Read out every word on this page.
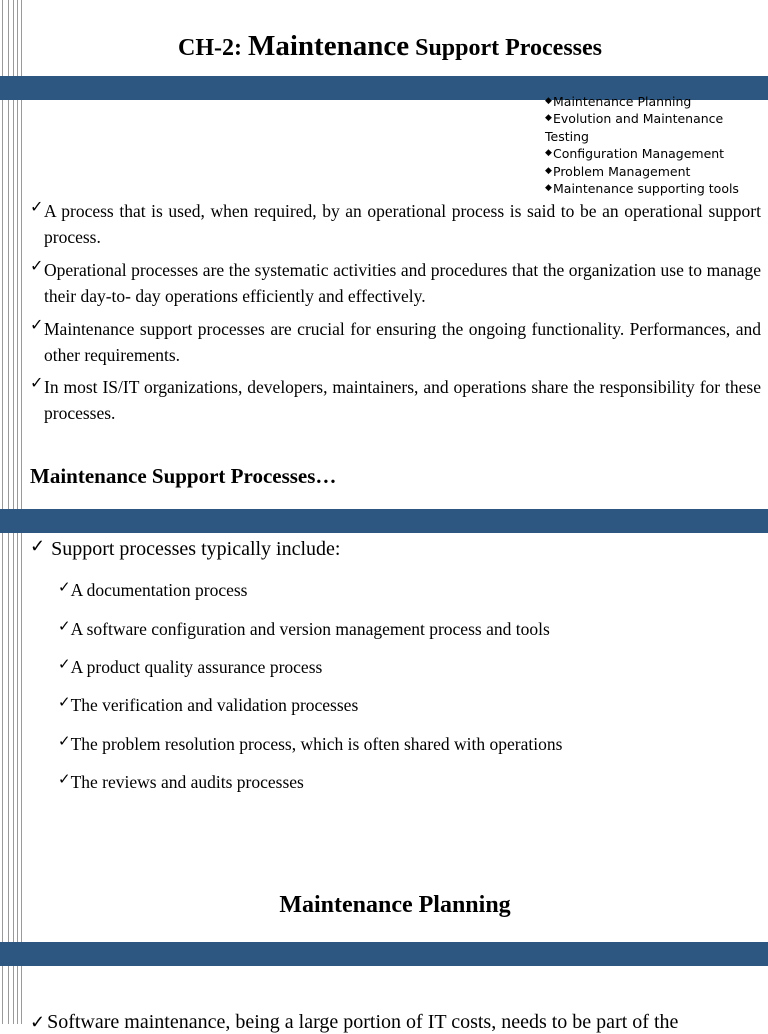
CH-2: Maintenance Support Processes
◆ Maintenance Planning
◆ Evolution and Maintenance
Testing
◆ Configuration Management
◆ Problem Management
◆ Maintenance supporting tools
✓ A process that is used, when required, by an operational process is said to be an operational support process.
✓ Operational processes are the systematic activities and procedures that the organization use to manage their day-to- day operations efficiently and effectively.
✓ Maintenance support processes are crucial for ensuring the ongoing functionality. Performances, and other requirements.
✓ In most IS/IT organizations, developers, maintainers, and operations share the responsibility for these processes.
Maintenance Support Processes…
✓ Support processes typically include:
✓A documentation process
✓A software configuration and version management process and tools
✓A product quality assurance process
✓The verification and validation processes
✓The problem resolution process, which is often shared with operations
✓The reviews and audits processes
Maintenance Planning
✓ Software maintenance, being a large portion of IT costs, needs to be part of the
